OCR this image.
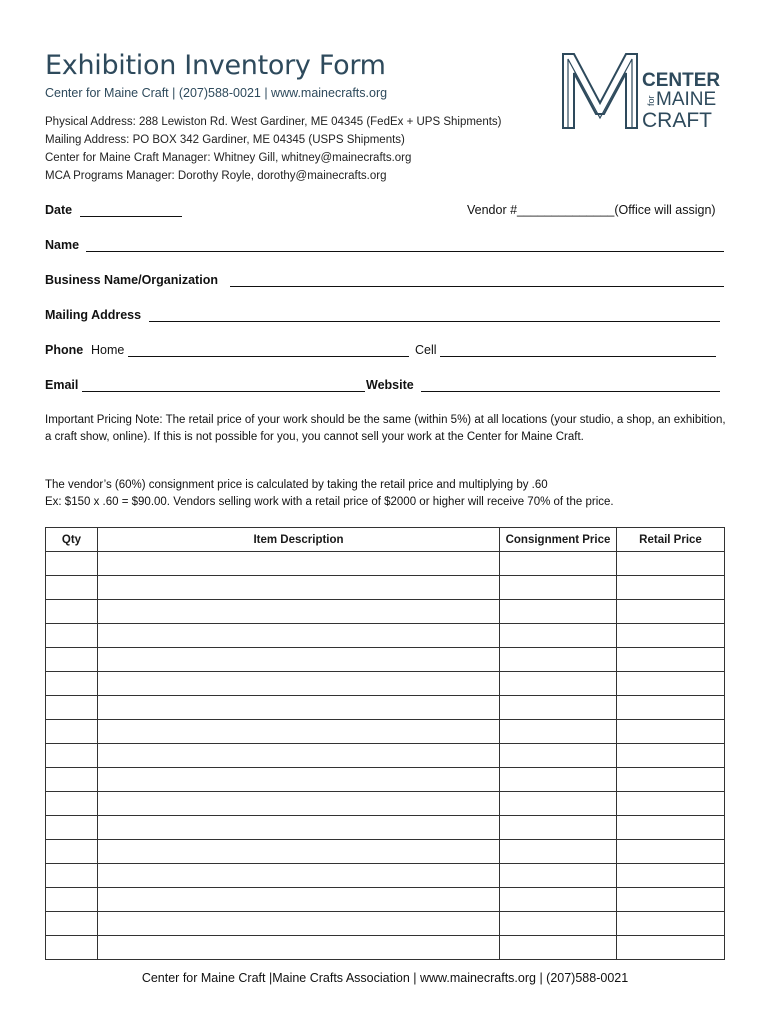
Exhibition Inventory Form
Center for Maine Craft | (207)588-0021 | www.mainecrafts.org
Physical Address: 288 Lewiston Rd. West Gardiner, ME 04345 (FedEx + UPS Shipments)
Mailing Address: PO BOX 342 Gardiner, ME 04345 (USPS Shipments)
Center for Maine Craft Manager: Whitney Gill, whitney@mainecrafts.org
MCA Programs Manager: Dorothy Royle, dorothy@mainecrafts.org
CENTER
for MAINE
CRAFT
Date	Vendor #______________(Office will assign)
Name
Business Name/Organization
Mailing Address
Phone Home	Cell
Email	Website
Important Pricing Note: The retail price of your work should be the same (within 5%) at all locations (your studio, a shop, an exhibition, a craft show, online). If this is not possible for you, you cannot sell your work at the Center for Maine Craft.
The vendor’s (60%) consignment price is calculated by taking the retail price and multiplying by .60
Ex: $150 x .60 = $90.00. Vendors selling work with a retail price of $2000 or higher will receive 70% of the price.
Qty	Item Description	Consignment Price	Retail Price

Center for Maine Craft |Maine Crafts Association | www.mainecrafts.org | (207)588-0021
